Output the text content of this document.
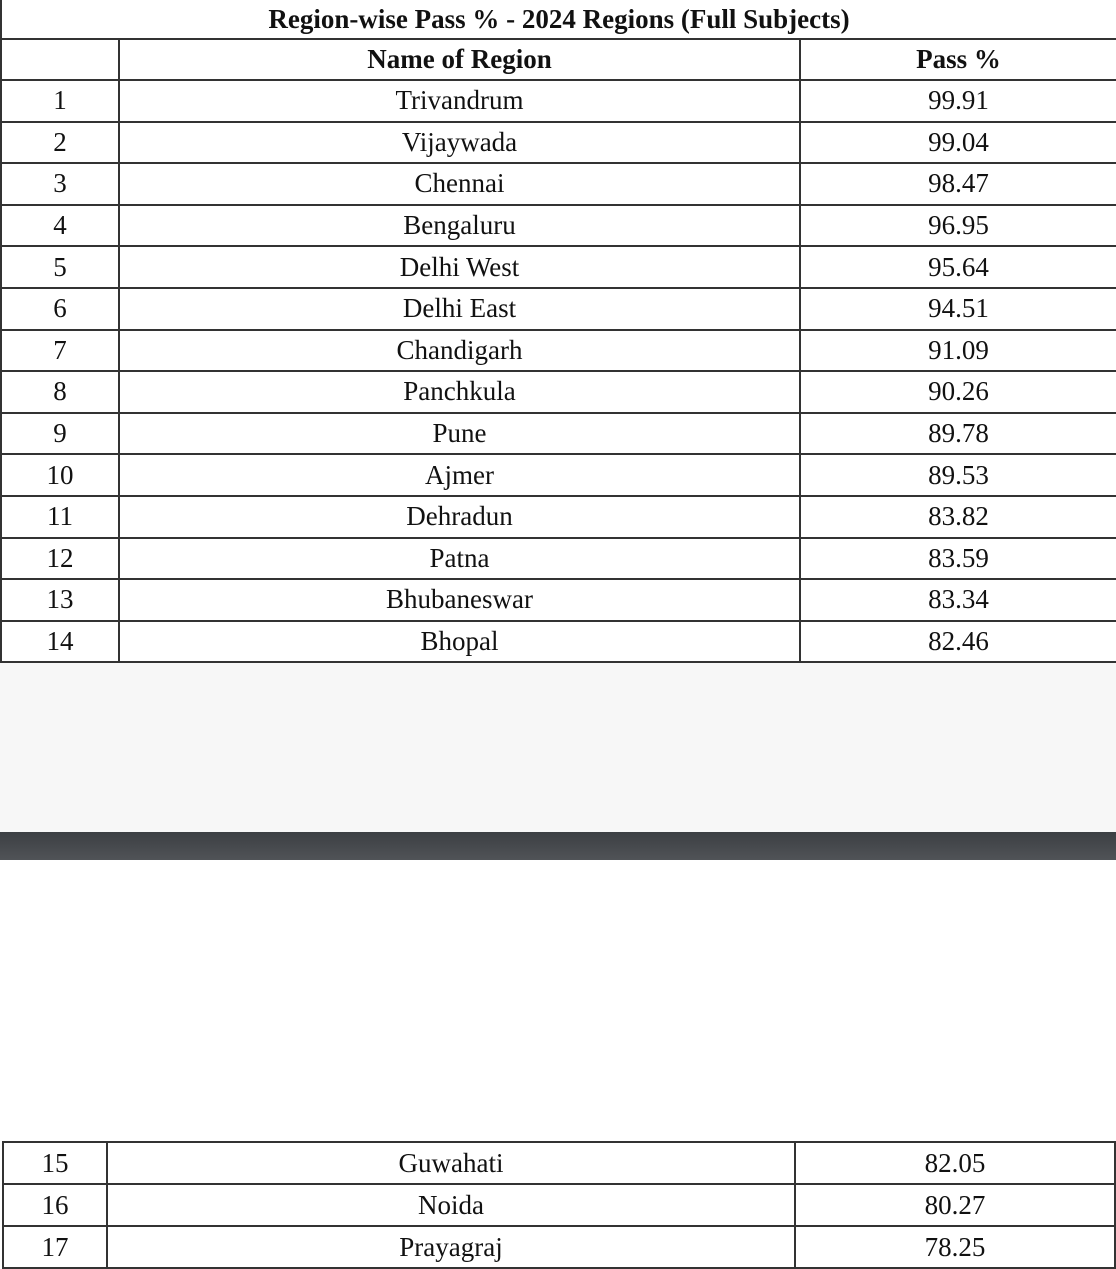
Region-wise Pass % - 2024 Regions (Full Subjects)		
	Name of Region	Pass %
1	Trivandrum	99.91
2	Vijaywada	99.04
3	Chennai	98.47
4	Bengaluru	96.95
5	Delhi West	95.64
6	Delhi East	94.51
7	Chandigarh	91.09
8	Panchkula	90.26
9	Pune	89.78
10	Ajmer	89.53
11	Dehradun	83.82
12	Patna	83.59
13	Bhubaneswar	83.34
14	Bhopal	82.46
15	Guwahati	82.05
16	Noida	80.27
17	Prayagraj	78.25
